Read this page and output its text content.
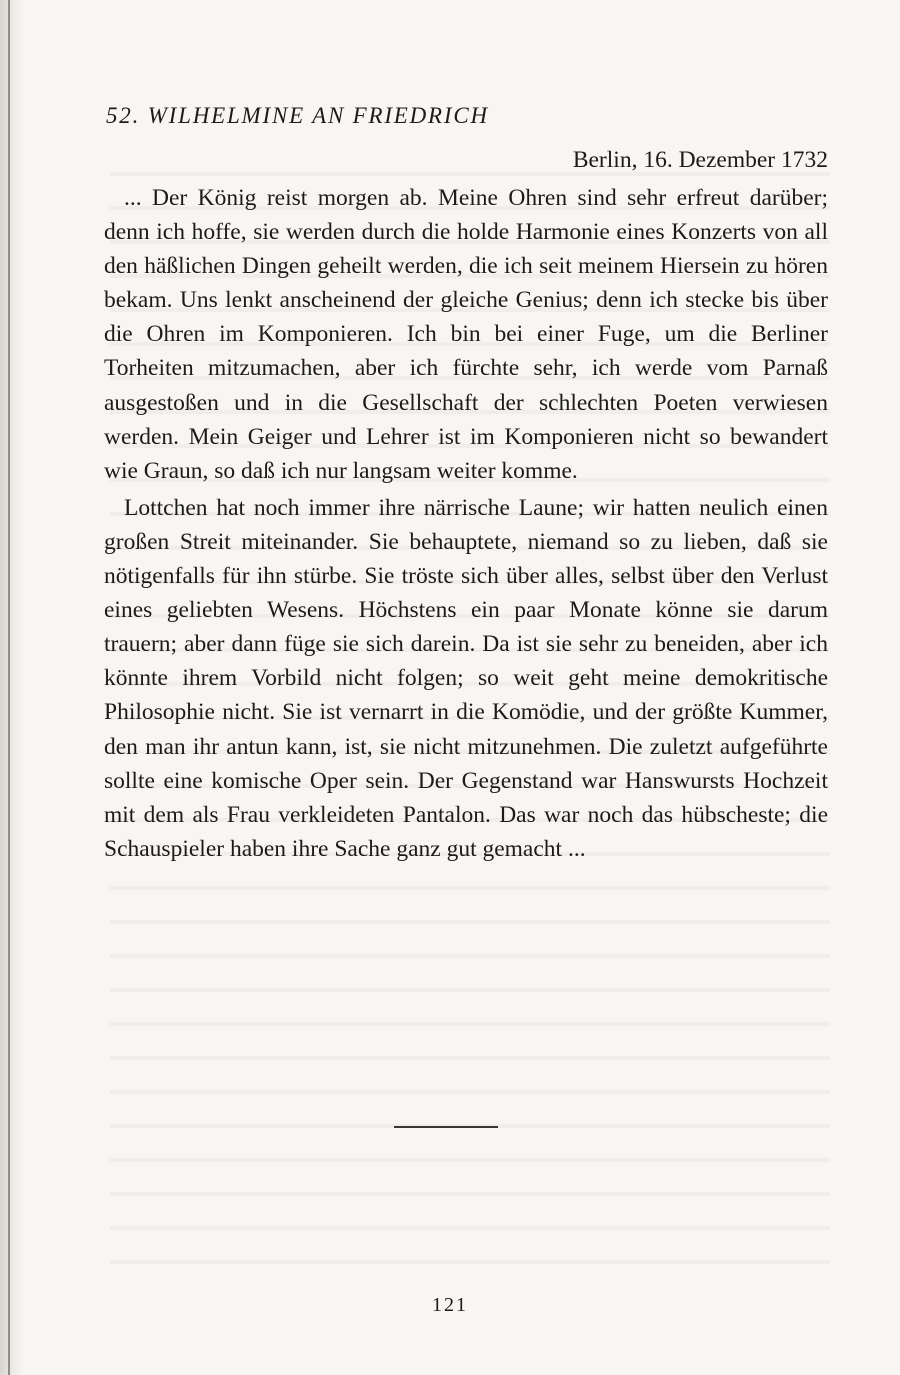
52. WILHELMINE AN FRIEDRICH
Berlin, 16. Dezember 1732

... Der König reist morgen ab. Meine Ohren sind sehr erfreut darüber; denn ich hoffe, sie werden durch die holde Harmonie eines Konzerts von all den häßlichen Dingen geheilt werden, die ich seit meinem Hiersein zu hören bekam. Uns lenkt anscheinend der gleiche Genius; denn ich stecke bis über die Ohren im Komponieren. Ich bin bei einer Fuge, um die Berliner Torheiten mitzumachen, aber ich fürchte sehr, ich werde vom Parnaß ausgestoßen und in die Gesellschaft der schlechten Poeten verwiesen werden. Mein Geiger und Lehrer ist im Komponieren nicht so bewandert wie Graun, so daß ich nur langsam weiter komme.

Lottchen hat noch immer ihre närrische Laune; wir hatten neulich einen großen Streit miteinander. Sie behauptete, niemand so zu lieben, daß sie nötigenfalls für ihn stürbe. Sie tröste sich über alles, selbst über den Verlust eines geliebten Wesens. Höchstens ein paar Monate könne sie darum trauern; aber dann füge sie sich darein. Da ist sie sehr zu beneiden, aber ich könnte ihrem Vorbild nicht folgen; so weit geht meine demokritische Philosophie nicht. Sie ist vernarrt in die Komödie, und der größte Kummer, den man ihr antun kann, ist, sie nicht mitzunehmen. Die zuletzt aufgeführte sollte eine komische Oper sein. Der Gegenstand war Hanswursts Hochzeit mit dem als Frau verkleideten Pantalon. Das war noch das hübscheste; die Schauspieler haben ihre Sache ganz gut gemacht ...

121
